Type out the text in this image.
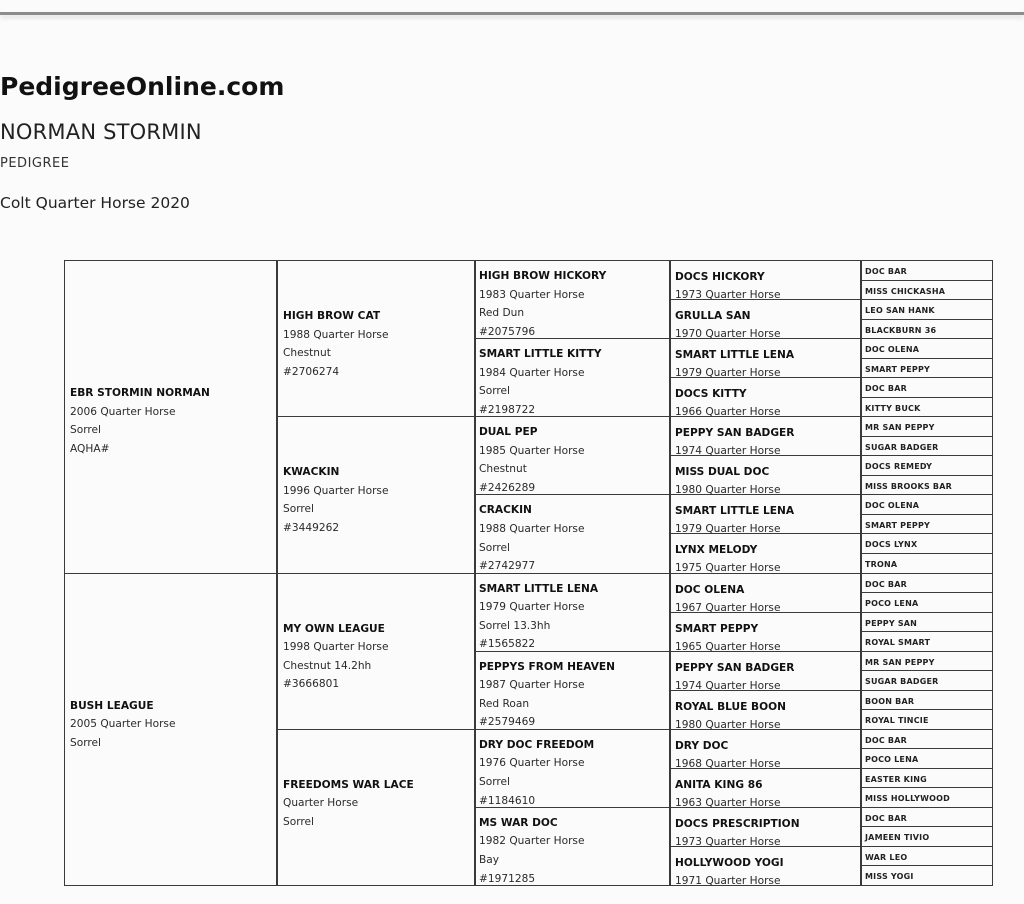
PedigreeOnline.com
NORMAN STORMIN
PEDIGREE
Colt Quarter Horse 2020
EBR STORMIN NORMAN
2006 Quarter Horse
Sorrel
AQHA#
BUSH LEAGUE
2005 Quarter Horse
Sorrel
HIGH BROW CAT
1988 Quarter Horse
Chestnut
#2706274
KWACKIN
1996 Quarter Horse
Sorrel
#3449262
MY OWN LEAGUE
1998 Quarter Horse
Chestnut 14.2hh
#3666801
FREEDOMS WAR LACE
Quarter Horse
Sorrel
HIGH BROW HICKORY
1983 Quarter Horse
Red Dun
#2075796
SMART LITTLE KITTY
1984 Quarter Horse
Sorrel
#2198722
DUAL PEP
1985 Quarter Horse
Chestnut
#2426289
CRACKIN
1988 Quarter Horse
Sorrel
#2742977
SMART LITTLE LENA
1979 Quarter Horse
Sorrel 13.3hh
#1565822
PEPPYS FROM HEAVEN
1987 Quarter Horse
Red Roan
#2579469
DRY DOC FREEDOM
1976 Quarter Horse
Sorrel
#1184610
MS WAR DOC
1982 Quarter Horse
Bay
#1971285
DOCS HICKORY
1973 Quarter Horse
GRULLA SAN
1970 Quarter Horse
SMART LITTLE LENA
1979 Quarter Horse
DOCS KITTY
1966 Quarter Horse
PEPPY SAN BADGER
1974 Quarter Horse
MISS DUAL DOC
1980 Quarter Horse
SMART LITTLE LENA
1979 Quarter Horse
LYNX MELODY
1975 Quarter Horse
DOC OLENA
1967 Quarter Horse
SMART PEPPY
1965 Quarter Horse
PEPPY SAN BADGER
1974 Quarter Horse
ROYAL BLUE BOON
1980 Quarter Horse
DRY DOC
1968 Quarter Horse
ANITA KING 86
1963 Quarter Horse
DOCS PRESCRIPTION
1973 Quarter Horse
HOLLYWOOD YOGI
1971 Quarter Horse
DOC BAR
MISS CHICKASHA
LEO SAN HANK
BLACKBURN 36
DOC OLENA
SMART PEPPY
DOC BAR
KITTY BUCK
MR SAN PEPPY
SUGAR BADGER
DOCS REMEDY
MISS BROOKS BAR
DOC OLENA
SMART PEPPY
DOCS LYNX
TRONA
DOC BAR
POCO LENA
PEPPY SAN
ROYAL SMART
MR SAN PEPPY
SUGAR BADGER
BOON BAR
ROYAL TINCIE
DOC BAR
POCO LENA
EASTER KING
MISS HOLLYWOOD
DOC BAR
JAMEEN TIVIO
WAR LEO
MISS YOGI
